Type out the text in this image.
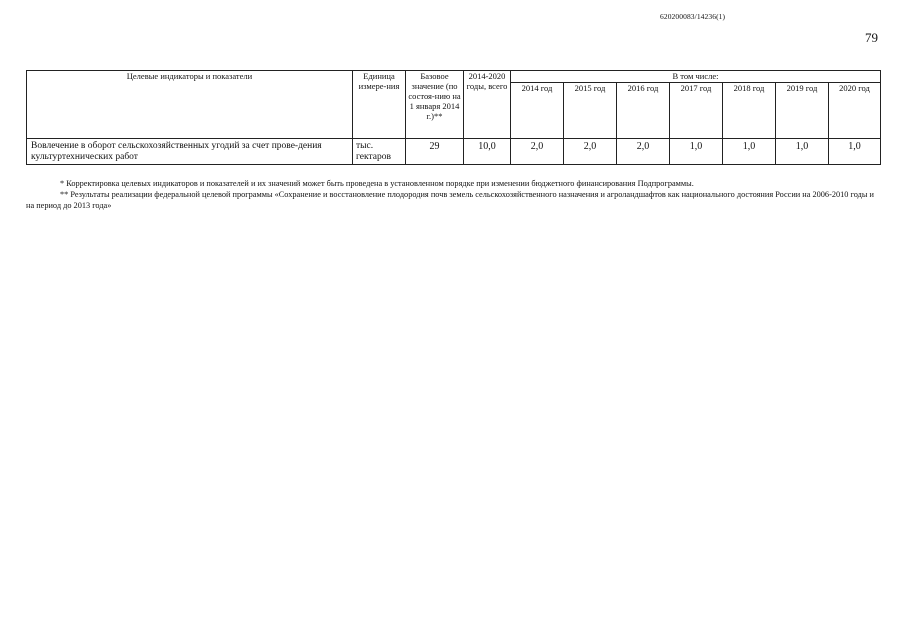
620200083/14236(1)
79
Целевые индикаторы и показатели	Единица измере-ния	Базовое значение (по состоя-нию на 1 января 2014 г.)**	2014-2020 годы, всего	В том числе:						
				2014 год	2015 год	2016 год	2017 год	2018 год	2019 год	2020 год
Вовлечение в оборот сельскохозяйственных угодий за счет прове-дения культуртехнических работ	тыс. гектаров	29	10,0	2,0	2,0	2,0	1,0	1,0	1,0	1,0

* Корректировка целевых индикаторов и показателей и их значений может быть проведена в установленном порядке при изменении бюджетного финансирования Подпрограммы.

** Результаты реализации федеральной целевой программы «Сохранение и восстановление плодородия почв земель сельскохозяйственного назначения и агроландшафтов как национального достояния России на 2006-2010 годы и на период до 2013 года»
